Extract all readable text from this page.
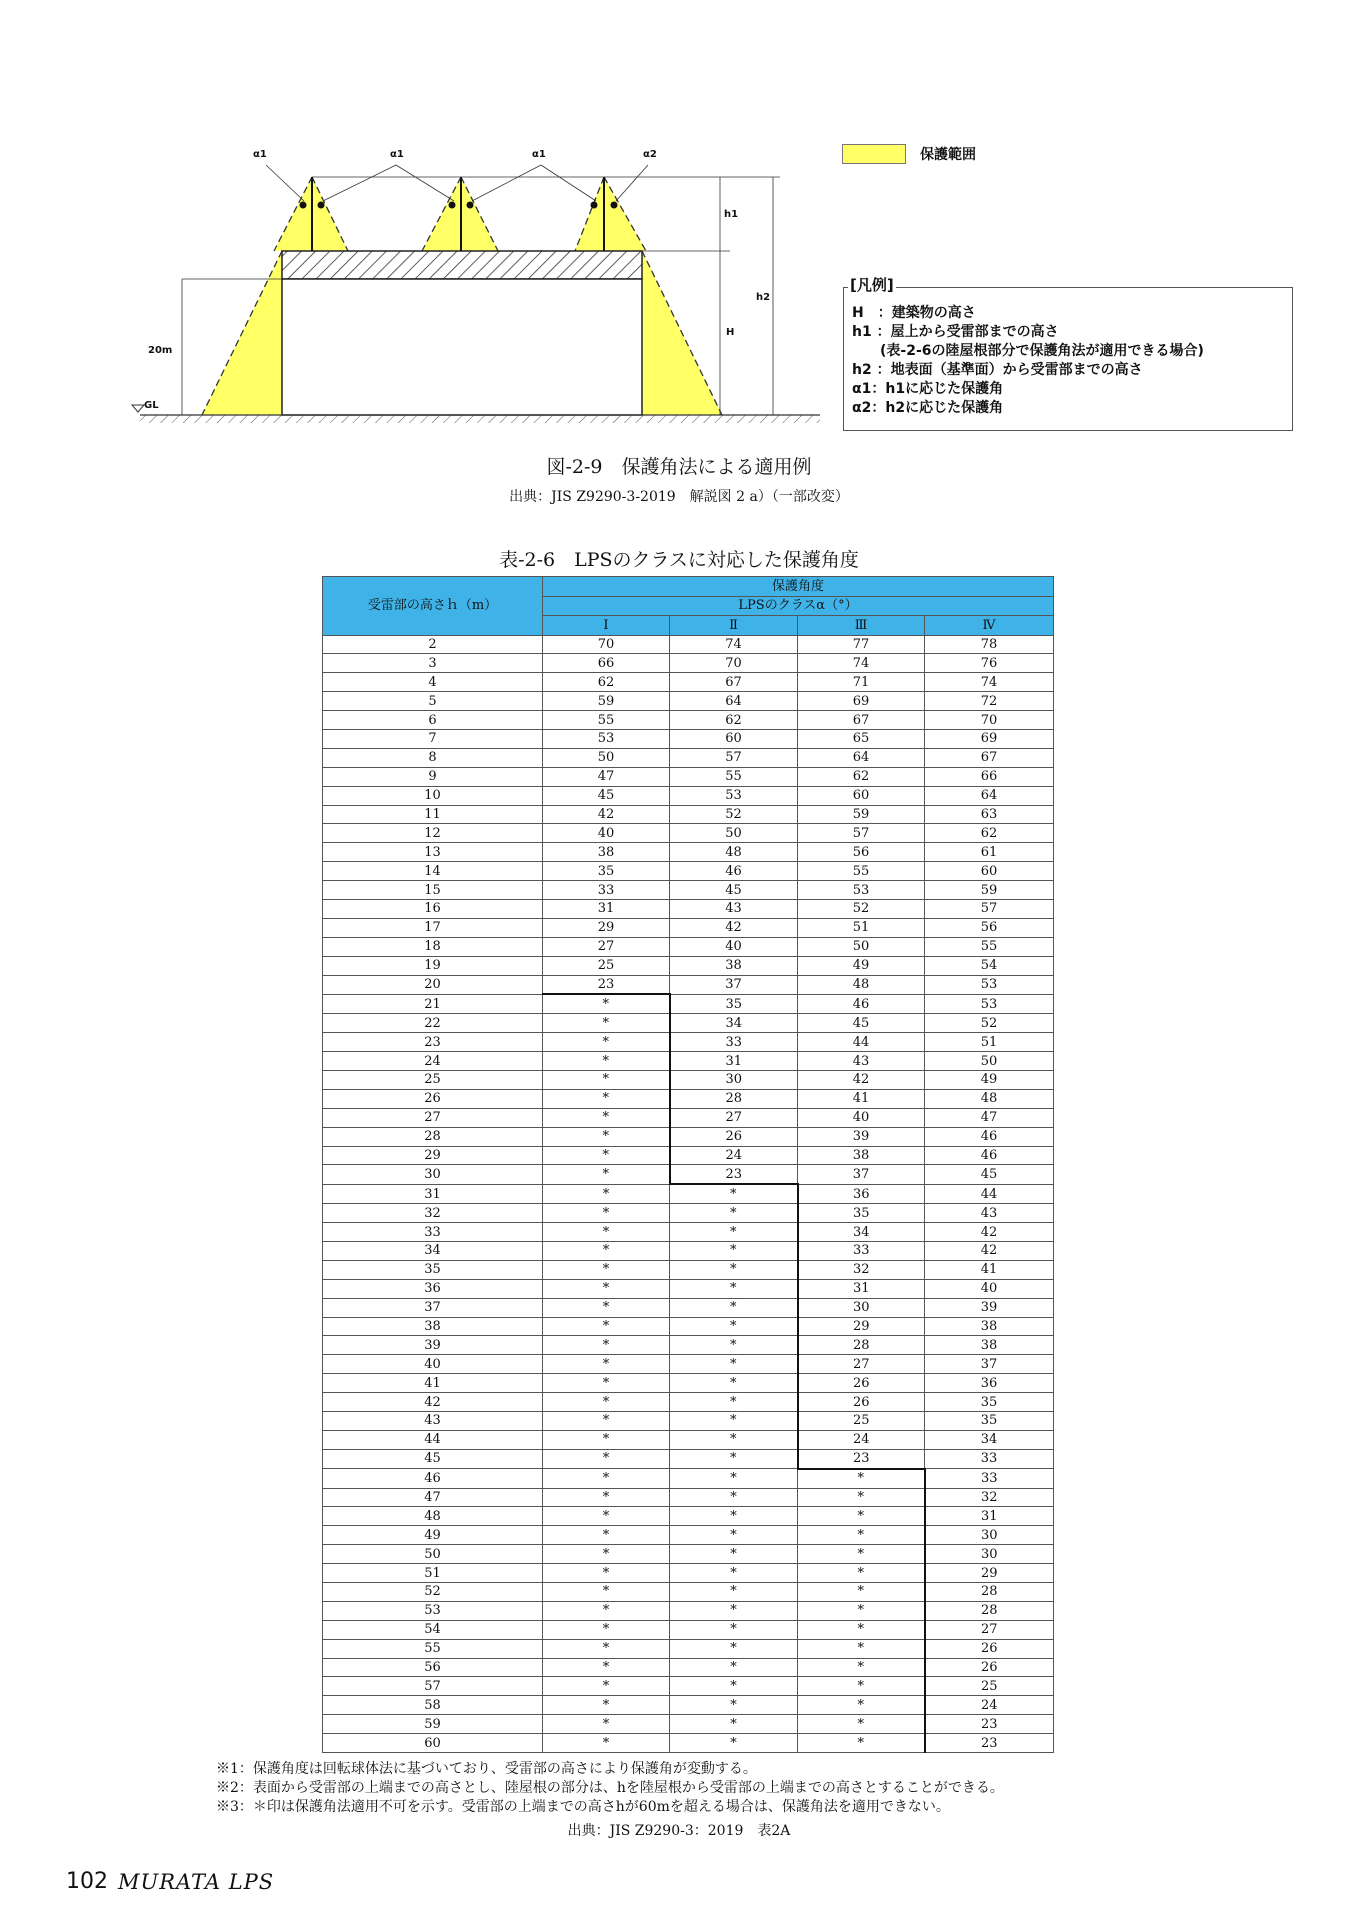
α1	α1	α1	α2
h1
h2
H
20m
GL
保護範囲
[凡例]
H　：建築物の高さ
h1 ：屋上から受雷部までの高さ
　　(表-2-6の陸屋根部分で保護角法が適用できる場合)
h2 ：地表面（基準面）から受雷部までの高さ
α1：h1に応じた保護角
α2：h2に応じた保護角
図-2-9　保護角法による適用例
出典：JIS Z9290-3-2019　解説図 2 a）（一部改変）
表-2-6　LPSのクラスに対応した保護角度
受雷部の高さｈ（m）	保護角度			
	LPSのクラスα（°）			
	Ⅰ	Ⅱ	Ⅲ	Ⅳ
2	70	74	77	78
3	66	70	74	76
4	62	67	71	74
5	59	64	69	72
6	55	62	67	70
7	53	60	65	69
8	50	57	64	67
9	47	55	62	66
10	45	53	60	64
11	42	52	59	63
12	40	50	57	62
13	38	48	56	61
14	35	46	55	60
15	33	45	53	59
16	31	43	52	57
17	29	42	51	56
18	27	40	50	55
19	25	38	49	54
20	23	37	48	53
21	*	35	46	53
22	*	34	45	52
23	*	33	44	51
24	*	31	43	50
25	*	30	42	49
26	*	28	41	48
27	*	27	40	47
28	*	26	39	46
29	*	24	38	46
30	*	23	37	45
31	*	*	36	44
32	*	*	35	43
33	*	*	34	42
34	*	*	33	42
35	*	*	32	41
36	*	*	31	40
37	*	*	30	39
38	*	*	29	38
39	*	*	28	38
40	*	*	27	37
41	*	*	26	36
42	*	*	26	35
43	*	*	25	35
44	*	*	24	34
45	*	*	23	33
46	*	*	*	33
47	*	*	*	32
48	*	*	*	31
49	*	*	*	30
50	*	*	*	30
51	*	*	*	29
52	*	*	*	28
53	*	*	*	28
54	*	*	*	27
55	*	*	*	26
56	*	*	*	26
57	*	*	*	25
58	*	*	*	24
59	*	*	*	23
60	*	*	*	23
※1：保護角度は回転球体法に基づいており、受雷部の高さにより保護角が変動する。
※2：表面から受雷部の上端までの高さとし、陸屋根の部分は、hを陸屋根から受雷部の上端までの高さとすることができる。
※3：＊印は保護角法適用不可を示す。受雷部の上端までの高さhが60mを超える場合は、保護角法を適用できない。
出典：JIS Z9290-3：2019　表2A
102 MURATA LPS
